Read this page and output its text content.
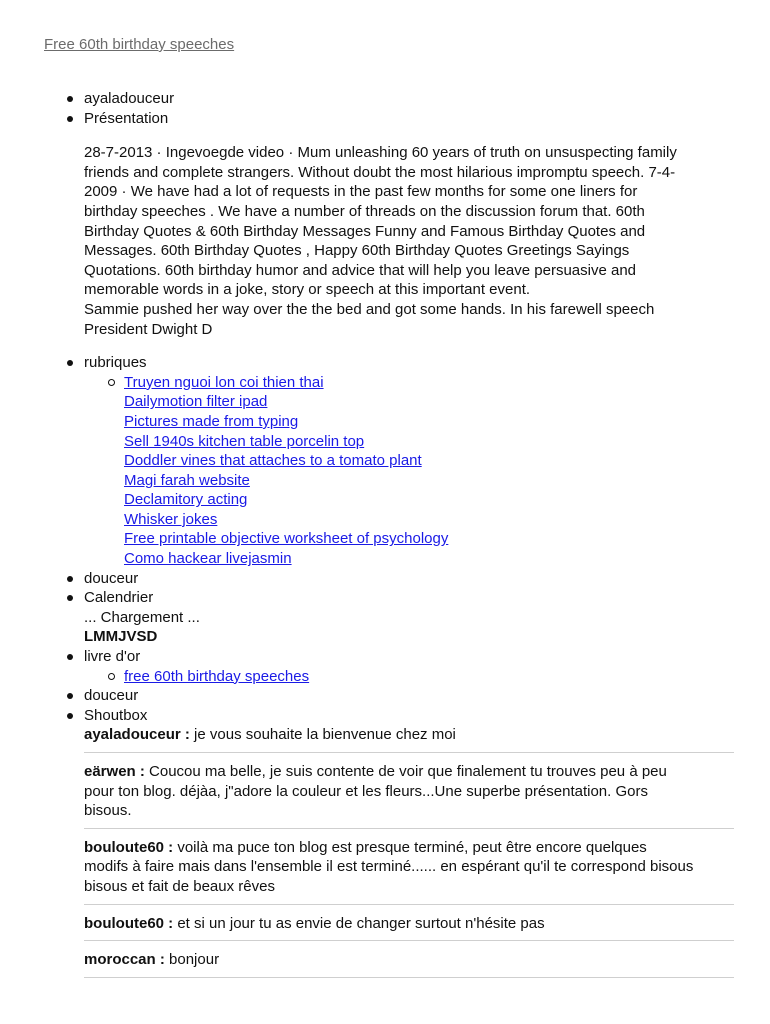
Free 60th birthday speeches
ayaladouceur
Présentation
28-7-2013 · Ingevoegde video · Mum unleashing 60 years of truth on unsuspecting family
friends and complete strangers. Without doubt the most hilarious impromptu speech. 7-4-
2009 · We have had a lot of requests in the past few months for some one liners for
birthday speeches . We have a number of threads on the discussion forum that. 60th
Birthday Quotes & 60th Birthday Messages Funny and Famous Birthday Quotes and
Messages. 60th Birthday Quotes , Happy 60th Birthday Quotes Greetings Sayings
Quotations. 60th birthday humor and advice that will help you leave persuasive and
memorable words in a joke, story or speech at this important event.
Sammie pushed her way over the the bed and got some hands. In his farewell speech
President Dwight D
rubriques
Truyen nguoi lon coi thien thai
Dailymotion filter ipad
Pictures made from typing
Sell 1940s kitchen table porcelin top
Doddler vines that attaches to a tomato plant
Magi farah website
Declamitory acting
Whisker jokes
Free printable objective worksheet of psychology
Como hackear livejasmin
douceur
Calendrier
... Chargement ...
LMMJVSD
livre d'or
free 60th birthday speeches
douceur
Shoutbox
ayaladouceur : je vous souhaite la bienvenue chez moi
eärwen : Coucou ma belle, je suis contente de voir que finalement tu trouves peu à peu
pour ton blog. déjàa, j"adore la couleur et les fleurs...Une superbe présentation. Gors
bisous.
bouloute60 : voilà ma puce ton blog est presque terminé, peut être encore quelques
modifs à faire mais dans l'ensemble il est terminé...... en espérant qu'il te correspond bisous
bisous et fait de beaux rêves
bouloute60 : et si un jour tu as envie de changer surtout n'hésite pas
moroccan : bonjour
